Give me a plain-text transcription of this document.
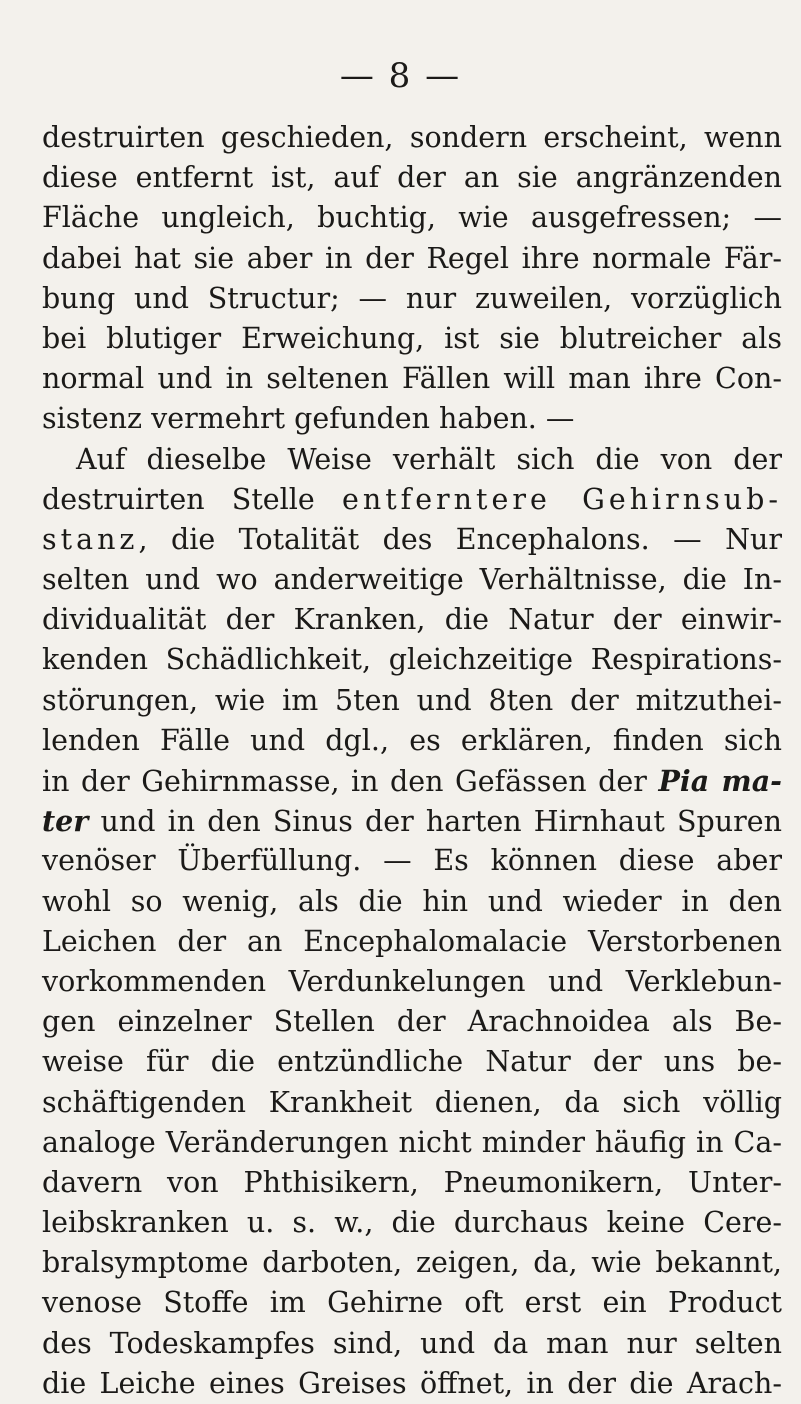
— 8 —
destruirten geschieden, sondern erscheint, wenn
diese entfernt ist, auf der an sie angränzenden
Fläche ungleich, buchtig, wie ausgefressen; —
dabei hat sie aber in der Regel ihre normale Fär-
bung und Structur; — nur zuweilen, vorzüglich
bei blutiger Erweichung, ist sie blutreicher als
normal und in seltenen Fällen will man ihre Con-
sistenz vermehrt gefunden haben. —
Auf dieselbe Weise verhält sich die von der
destruirten Stelle entferntere Gehirnsub-
stanz, die Totalität des Encephalons. — Nur
selten und wo anderweitige Verhältnisse, die In-
dividualität der Kranken, die Natur der einwir-
kenden Schädlichkeit, gleichzeitige Respirations-
störungen, wie im 5ten und 8ten der mitzuthei-
lenden Fälle und dgl., es erklären, finden sich
in der Gehirnmasse, in den Gefässen der Pia ma-
ter und in den Sinus der harten Hirnhaut Spuren
venöser Überfüllung. — Es können diese aber
wohl so wenig, als die hin und wieder in den
Leichen der an Encephalomalacie Verstorbenen
vorkommenden Verdunkelungen und Verklebun-
gen einzelner Stellen der Arachnoidea als Be-
weise für die entzündliche Natur der uns be-
schäftigenden Krankheit dienen, da sich völlig
analoge Veränderungen nicht minder häufig in Ca-
davern von Phthisikern, Pneumonikern, Unter-
leibskranken u. s. w., die durchaus keine Cere-
bralsymptome darboten, zeigen, da, wie bekannt,
venose Stoffe im Gehirne oft erst ein Product
des Todeskampfes sind, und da man nur selten
die Leiche eines Greises öffnet, in der die Arach-
